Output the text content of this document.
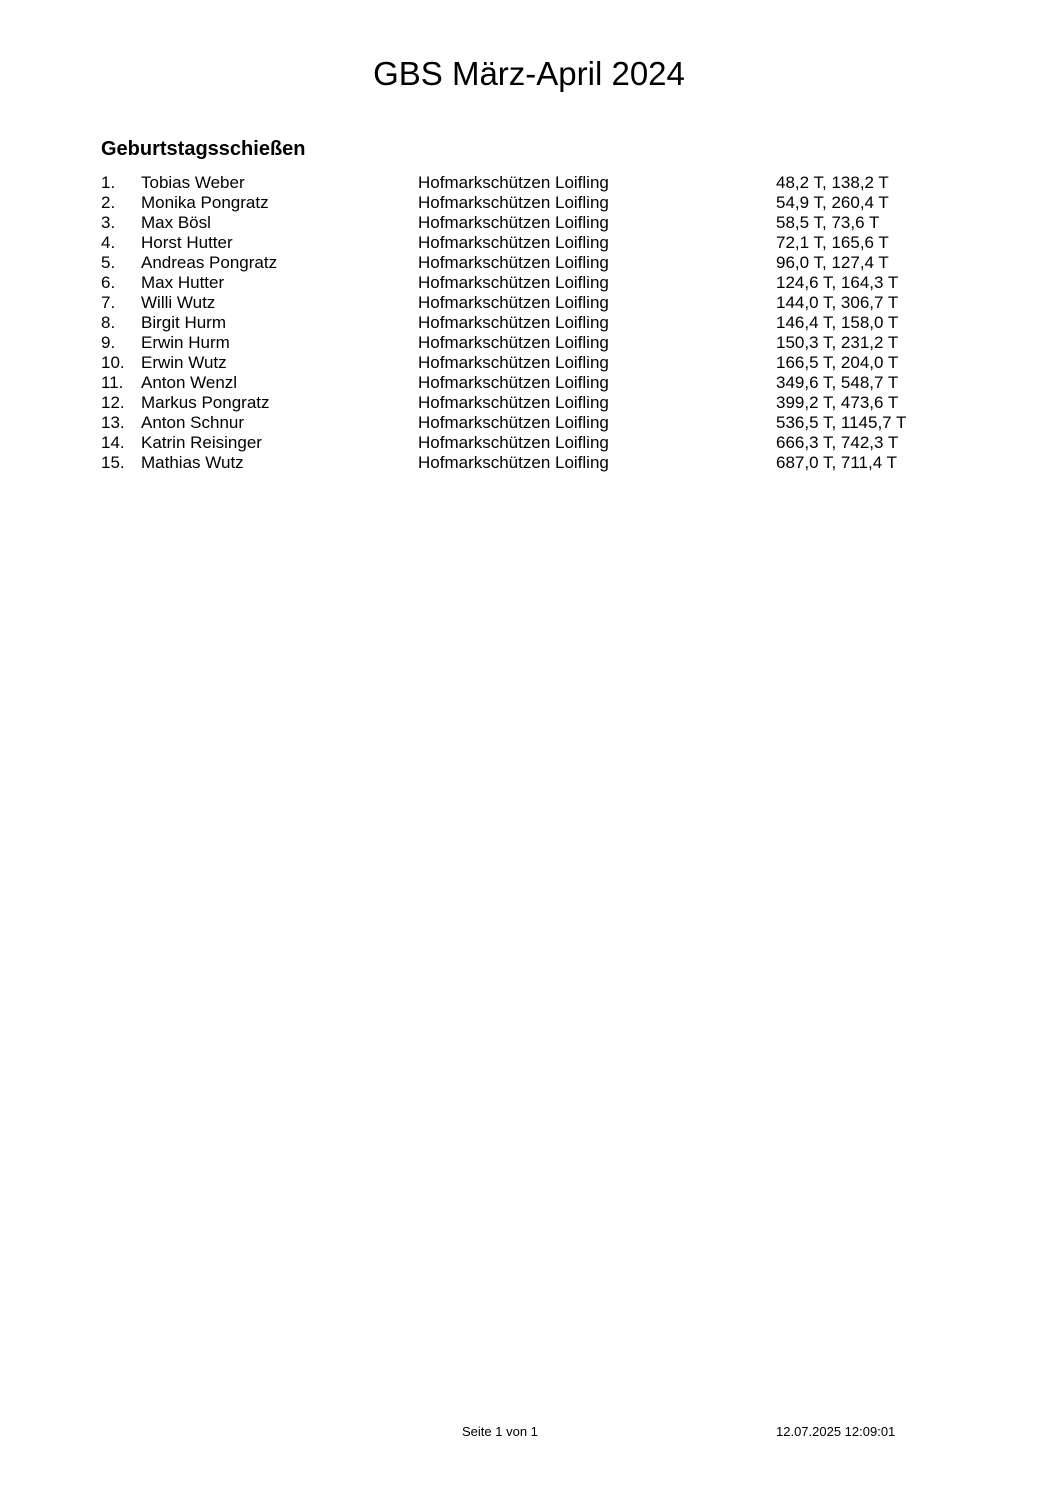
GBS März-April 2024
Geburtstagsschießen
1. Tobias Weber	Hofmarkschützen Loifling	48,2 T, 138,2 T
2. Monika Pongratz	Hofmarkschützen Loifling	54,9 T, 260,4 T
3. Max Bösl	Hofmarkschützen Loifling	58,5 T, 73,6 T
4. Horst Hutter	Hofmarkschützen Loifling	72,1 T, 165,6 T
5. Andreas Pongratz	Hofmarkschützen Loifling	96,0 T, 127,4 T
6. Max Hutter	Hofmarkschützen Loifling	124,6 T, 164,3 T
7. Willi Wutz	Hofmarkschützen Loifling	144,0 T, 306,7 T
8. Birgit Hurm	Hofmarkschützen Loifling	146,4 T, 158,0 T
9. Erwin Hurm	Hofmarkschützen Loifling	150,3 T, 231,2 T
10. Erwin Wutz	Hofmarkschützen Loifling	166,5 T, 204,0 T
11. Anton Wenzl	Hofmarkschützen Loifling	349,6 T, 548,7 T
12. Markus Pongratz	Hofmarkschützen Loifling	399,2 T, 473,6 T
13. Anton Schnur	Hofmarkschützen Loifling	536,5 T, 1145,7 T
14. Katrin Reisinger	Hofmarkschützen Loifling	666,3 T, 742,3 T
15. Mathias Wutz	Hofmarkschützen Loifling	687,0 T, 711,4 T
Seite 1 von 1	12.07.2025 12:09:01
